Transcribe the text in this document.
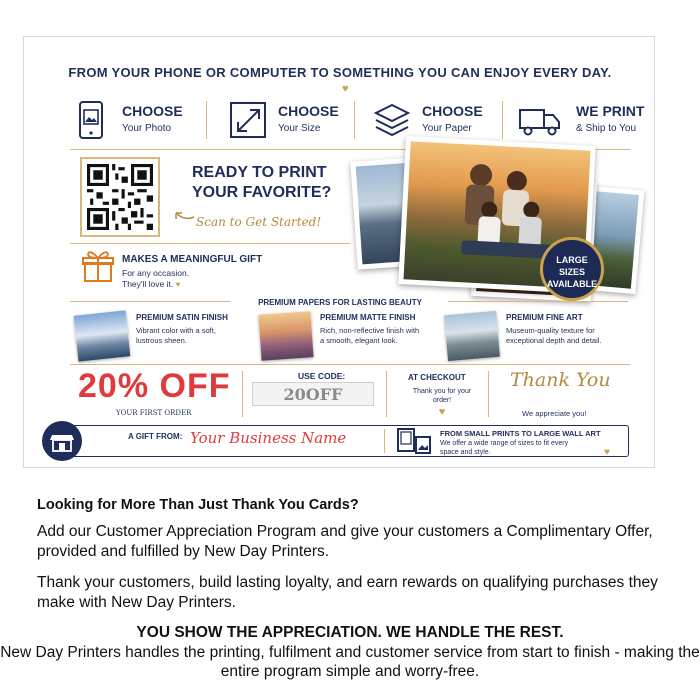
FROM YOUR PHONE OR COMPUTER TO SOMETHING YOU CAN ENJOY EVERY DAY.
♥
CHOOSE
Your Photo
CHOOSE
Your Size
CHOOSE
Your Paper
WE PRINT
& Ship to You
READY TO PRINT
YOUR FAVORITE?
Scan to Get Started!
MAKES A MEANINGFUL GIFT
For any occasion.
They'll love it. ♥
LARGE
SIZES
AVAILABLE
PREMIUM PAPERS FOR LASTING BEAUTY
PREMIUM SATIN FINISH
Vibrant color with a soft, lustrous sheen.
PREMIUM MATTE FINISH
Rich, non-reflective finish with a smooth, elegant look.
PREMIUM FINE ART
Museum-quality texture for exceptional depth and detail.
20% OFF
YOUR FIRST ORDER
USE CODE:
20OFF
AT CHECKOUT
Thank you for your order!
♥
Thank You
We appreciate you!
A GIFT FROM: Your Business Name	FROM SMALL PRINTS TO LARGE WALL ART
We offer a wide range of sizes to fit every space and style.	♥
Looking for More Than Just Thank You Cards?
Add our Customer Appreciation Program and give your customers a Complimentary Offer, provided and fulfilled by New Day Printers.
Thank your customers, build lasting loyalty, and earn rewards on qualifying purchases they make with New Day Printers.
YOU SHOW THE APPRECIATION. WE HANDLE THE REST.
New Day Printers handles the printing, fulfilment and customer service from start to finish - making the entire program simple and worry-free.
